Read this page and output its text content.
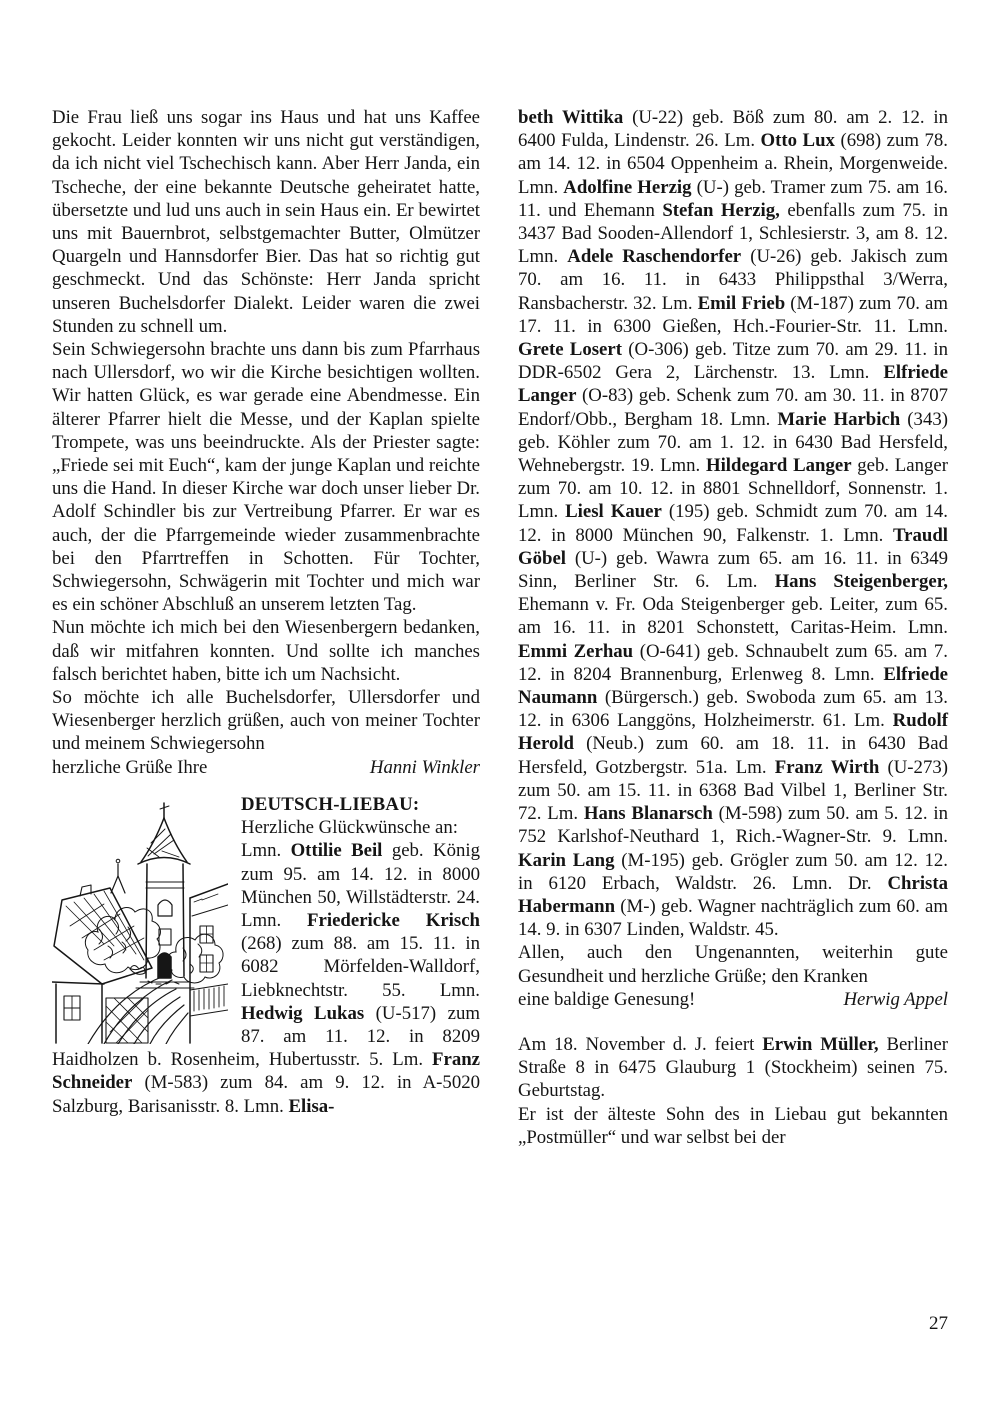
Die Frau ließ uns sogar ins Haus und hat uns Kaffee gekocht. Leider konnten wir uns nicht gut verständigen, da ich nicht viel Tschechisch kann. Aber Herr Janda, ein Tscheche, der eine bekannte Deutsche geheiratet hatte, übersetzte und lud uns auch in sein Haus ein. Er bewirtet uns mit Bauernbrot, selbstgemachter Butter, Olmützer Quargeln und Hannsdorfer Bier. Das hat so richtig gut geschmeckt. Und das Schönste: Herr Janda spricht unseren Buchelsdorfer Dialekt. Leider waren die zwei Stunden zu schnell um.

Sein Schwiegersohn brachte uns dann bis zum Pfarrhaus nach Ullersdorf, wo wir die Kirche besichtigen wollten. Wir hatten Glück, es war gerade eine Abendmesse. Ein älterer Pfarrer hielt die Messe, und der Kaplan spielte Trompete, was uns beeindruckte. Als der Priester sagte: „Friede sei mit Euch“, kam der junge Kaplan und reichte uns die Hand. In dieser Kirche war doch unser lieber Dr. Adolf Schindler bis zur Vertreibung Pfarrer. Er war es auch, der die Pfarrgemeinde wieder zusammenbrachte bei den Pfarrtreffen in Schotten. Für Tochter, Schwiegersohn, Schwägerin mit Tochter und mich war es ein schöner Abschluß an unserem letzten Tag.

Nun möchte ich mich bei den Wiesenbergern bedanken, daß wir mitfahren konnten. Und sollte ich manches falsch berichtet haben, bitte ich um Nachsicht.

So möchte ich alle Buchelsdorfer, Ullersdorfer und Wiesenberger herzlich grüßen, auch von meiner Tochter und meinem Schwiegersohn

herzliche Grüße Ihre	Hanni Winkler
DEUTSCH-LIEBAU:

Herzliche Glückwünsche an:

Lmn. Ottilie Beil geb. König zum 95. am 14. 12. in 8000 München 50, Willstädterstr. 24. Lmn. Friedericke Krisch (268) zum 88. am 15. 11. in 6082 Mörfelden-Walldorf, Liebknechtstr. 55. Lmn. Hedwig Lukas (U-517) zum 87. am 11. 12. in 8209 Haidholzen b. Rosenheim, Hubertusstr. 5. Lm. Franz Schneider (M-583) zum 84. am 9. 12. in A-5020 Salzburg, Barisanisstr. 8. Lmn. Elisa-

beth Wittika (U-22) geb. Böß zum 80. am 2. 12. in 6400 Fulda, Lindenstr. 26. Lm. Otto Lux (698) zum 78. am 14. 12. in 6504 Oppenheim a. Rhein, Morgenweide. Lmn. Adolfine Herzig (U-) geb. Tramer zum 75. am 16. 11. und Ehemann Stefan Herzig, ebenfalls zum 75. in 3437 Bad Sooden-Allendorf 1, Schlesierstr. 3, am 8. 12. Lmn. Adele Raschendorfer (U-26) geb. Jakisch zum 70. am 16. 11. in 6433 Philippsthal 3/Werra, Ransbacherstr. 32. Lm. Emil Frieb (M-187) zum 70. am 17. 11. in 6300 Gießen, Hch.-Fourier-Str. 11. Lmn. Grete Losert (O-306) geb. Titze zum 70. am 29. 11. in DDR-6502 Gera 2, Lärchenstr. 13. Lmn. Elfriede Langer (O-83) geb. Schenk zum 70. am 30. 11. in 8707 Endorf/Obb., Bergham 18. Lmn. Marie Harbich (343) geb. Köhler zum 70. am 1. 12. in 6430 Bad Hersfeld, Wehnebergstr. 19. Lmn. Hildegard Langer geb. Langer zum 70. am 10. 12. in 8801 Schnelldorf, Sonnenstr. 1. Lmn. Liesl Kauer (195) geb. Schmidt zum 70. am 14. 12. in 8000 München 90, Falkenstr. 1. Lmn. Traudl Göbel (U-) geb. Wawra zum 65. am 16. 11. in 6349 Sinn, Berliner Str. 6. Lm. Hans Steigenberger, Ehemann v. Fr. Oda Steigenberger geb. Leiter, zum 65. am 16. 11. in 8201 Schonstett, Caritas-Heim. Lmn. Emmi Zerhau (O-641) geb. Schnaubelt zum 65. am 7. 12. in 8204 Brannenburg, Erlenweg 8. Lmn. Elfriede Naumann (Bürgersch.) geb. Swoboda zum 65. am 13. 12. in 6306 Langgöns, Holzheimerstr. 61. Lm. Rudolf Herold (Neub.) zum 60. am 18. 11. in 6430 Bad Hersfeld, Gotzbergstr. 51a. Lm. Franz Wirth (U-273) zum 50. am 15. 11. in 6368 Bad Vilbel 1, Berliner Str. 72. Lm. Hans Blanarsch (M-598) zum 50. am 5. 12. in 752 Karlshof-Neuthard 1, Rich.-Wagner-Str. 9. Lmn. Karin Lang (M-195) geb. Grögler zum 50. am 12. 12. in 6120 Erbach, Waldstr. 26. Lmn. Dr. Christa Habermann (M-) geb. Wagner nachträglich zum 60. am 14. 9. in 6307 Linden, Waldstr. 45.

Allen, auch den Ungenannten, weiterhin gute Gesundheit und herzliche Grüße; den Kranken

eine baldige Genesung!	Herwig Appel

Am 18. November d. J. feiert Erwin Müller, Berliner Straße 8 in 6475 Glauburg 1 (Stockheim) seinen 75. Geburtstag.

Er ist der älteste Sohn des in Liebau gut bekannten „Postmüller“ und war selbst bei der

27
